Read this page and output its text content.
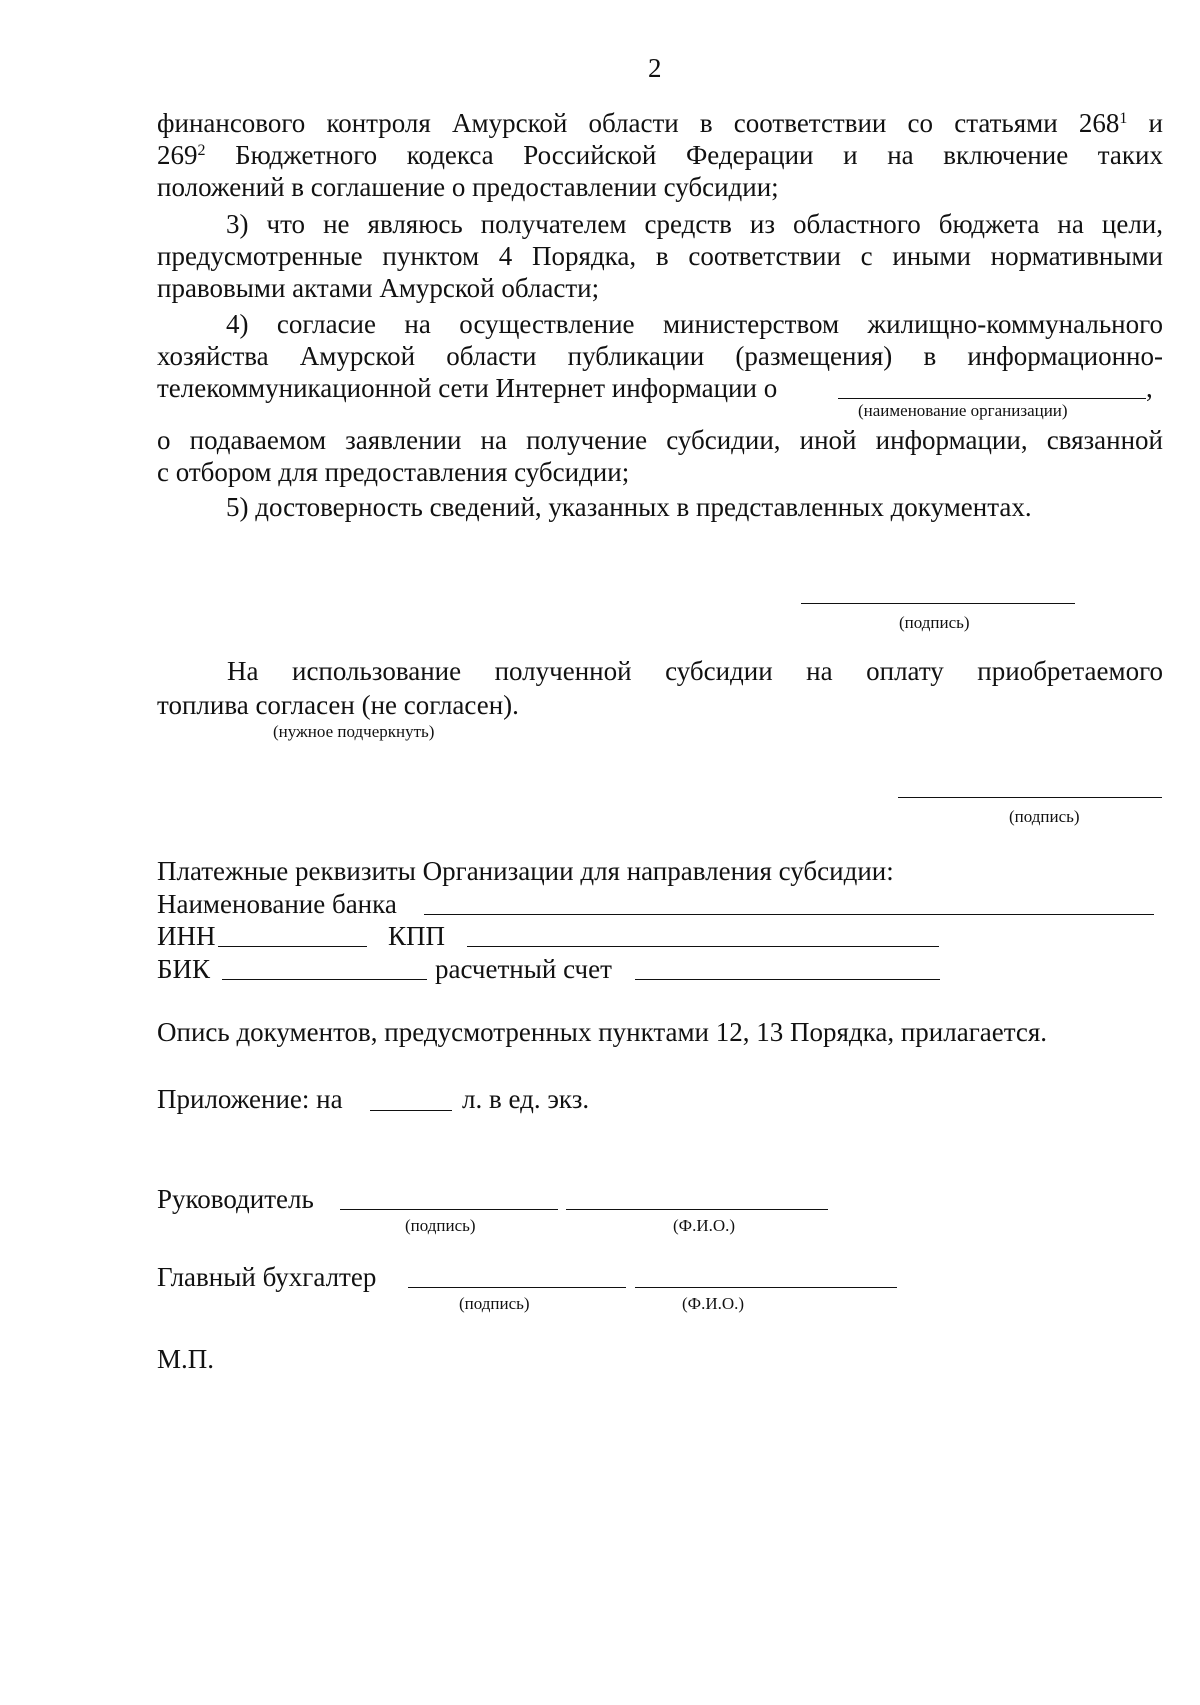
2
финансового контроля Амурской области в соответствии со статьями $268^1$ и
$269^2$ Бюджетного кодекса Российской Федерации и на включение таких
положений в соглашение о предоставлении субсидии;
3) что не являюсь получателем средств из областного бюджета на цели,
предусмотренные пунктом 4 Порядка, в соответствии с иными нормативными
правовыми актами Амурской области;
4) согласие на осуществление министерством жилищно-коммунального
хозяйства Амурской области публикации (размещения) в информационно-
телекоммуникационной сети Интернет информации о	,
(наименование организации)
о подаваемом заявлении на получение субсидии, иной информации, связанной
с отбором для предоставления субсидии;
5) достоверность сведений, указанных в представленных документах.
(подпись)
На использование полученной субсидии на оплату приобретаемого
топлива согласен (не согласен).
(нужное подчеркнуть)
(подпись)
Платежные реквизиты Организации для направления субсидии:
Наименование банка
ИНН	КПП
БИК	расчетный счет
Опись документов, предусмотренных пунктами 12, 13 Порядка, прилагается.
Приложение: на	л. в ед. экз.
Руководитель
(подпись)	(Ф.И.О.)
Главный бухгалтер
(подпись)	(Ф.И.О.)
М.П.
